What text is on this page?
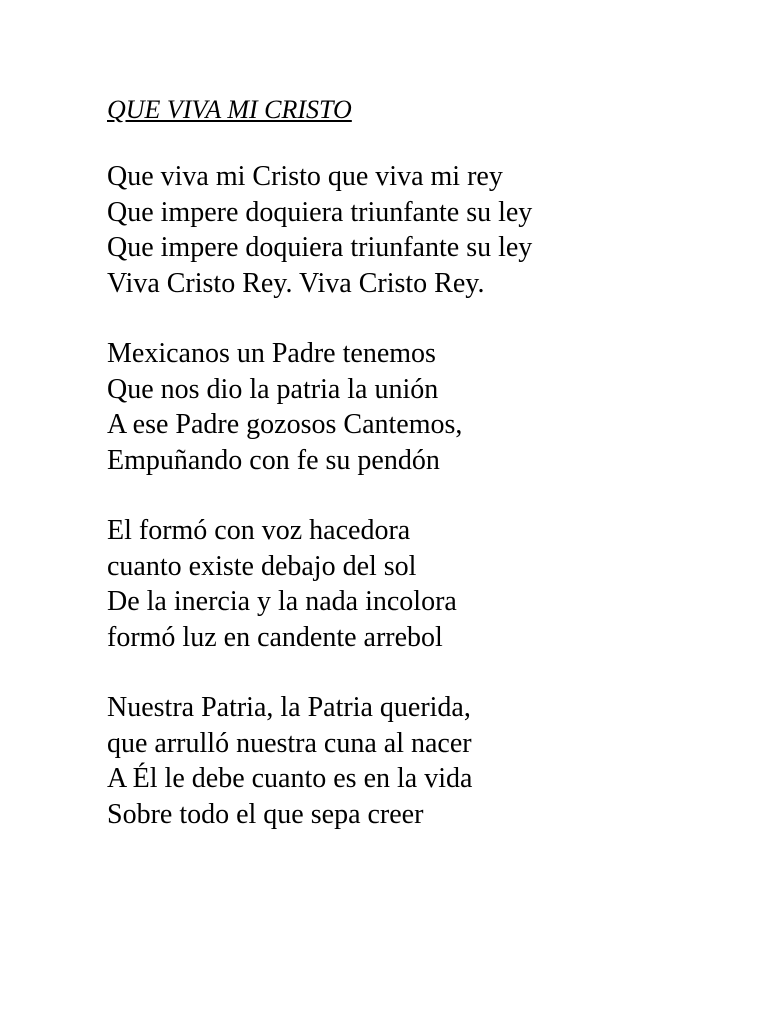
QUE VIVA MI CRISTO
Que viva mi Cristo que viva mi rey
Que impere doquiera triunfante su ley
Que impere doquiera triunfante su ley
Viva Cristo Rey. Viva Cristo Rey.
Mexicanos un Padre tenemos
Que nos dio la patria la unión
A ese Padre gozosos Cantemos,
Empuñando con fe su pendón
El formó con voz hacedora
cuanto existe debajo del sol
De la inercia y la nada incolora
formó luz en candente arrebol
Nuestra Patria, la Patria querida,
que arrulló nuestra cuna al nacer
A Él le debe cuanto es en la vida
Sobre todo el que sepa creer
